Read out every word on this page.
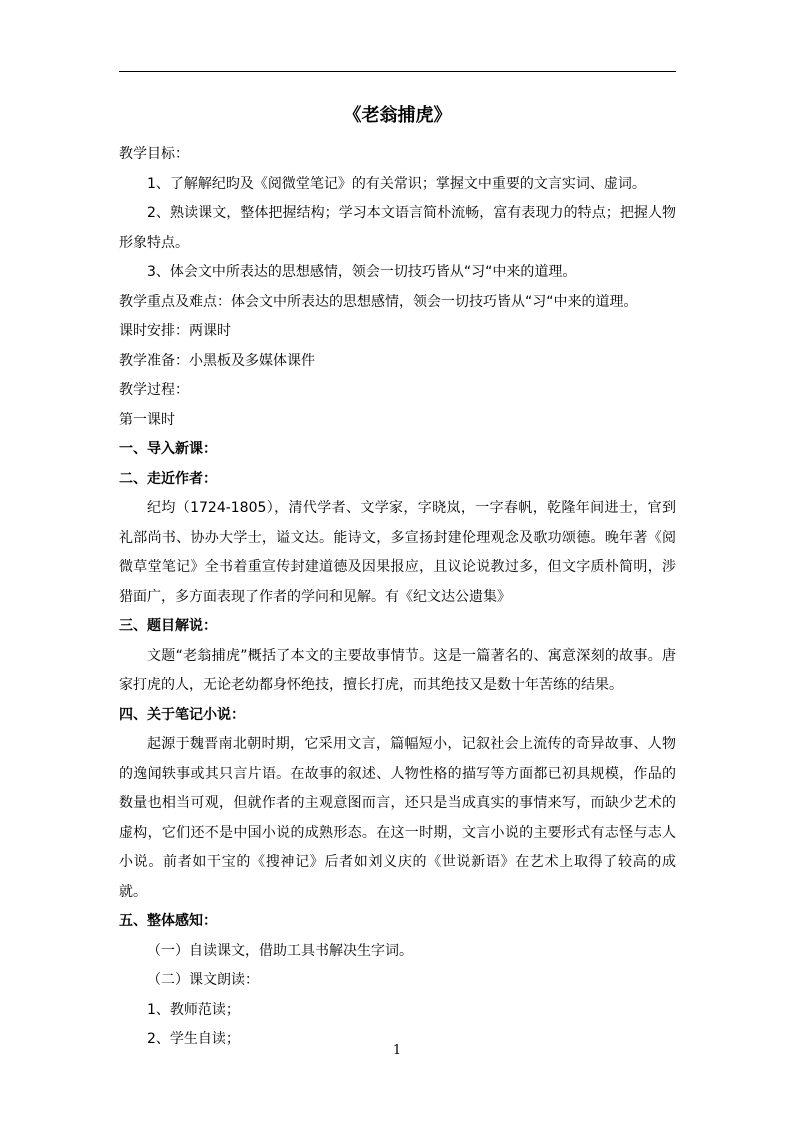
《老翁捕虎》

教学目标：

1、了解解纪昀及《阅微堂笔记》的有关常识；掌握文中重要的文言实词、虚词。

2、熟读课文，整体把握结构；学习本文语言简朴流畅，富有表现力的特点；把握人物形象特点。

3、体会文中所表达的思想感情，领会一切技巧皆从“习“中来的道理。

教学重点及难点：体会文中所表达的思想感情，领会一切技巧皆从“习“中来的道理。

课时安排：两课时

教学准备：小黑板及多媒体课件

教学过程：

第一课时

一、导入新课：

二、走近作者：

纪均（1724-1805），清代学者、文学家，字晓岚，一字春帆，乾隆年间进士，官到礼部尚书、协办大学士，谥文达。能诗文，多宣扬封建伦理观念及歌功颂德。晚年著《阅微草堂笔记》全书着重宣传封建道德及因果报应，且议论说教过多，但文字质朴简明，涉猎面广，多方面表现了作者的学问和见解。有《纪文达公遗集》

三、题目解说：

文题“老翁捕虎”概括了本文的主要故事情节。这是一篇著名的、寓意深刻的故事。唐家打虎的人，无论老幼都身怀绝技，擅长打虎，而其绝技又是数十年苦练的结果。

四、关于笔记小说：

起源于魏晋南北朝时期，它采用文言，篇幅短小，记叙社会上流传的奇异故事、人物的逸闻轶事或其只言片语。在故事的叙述、人物性格的描写等方面都已初具规模，作品的数量也相当可观，但就作者的主观意图而言，还只是当成真实的事情来写，而缺少艺术的虚构，它们还不是中国小说的成熟形态。在这一时期，文言小说的主要形式有志怪与志人小说。前者如干宝的《搜神记》后者如刘义庆的《世说新语》在艺术上取得了较高的成就。

五、整体感知：

（一）自读课文，借助工具书解决生字词。

（二）课文朗读：

1、教师范读；

2、学生自读；

1
